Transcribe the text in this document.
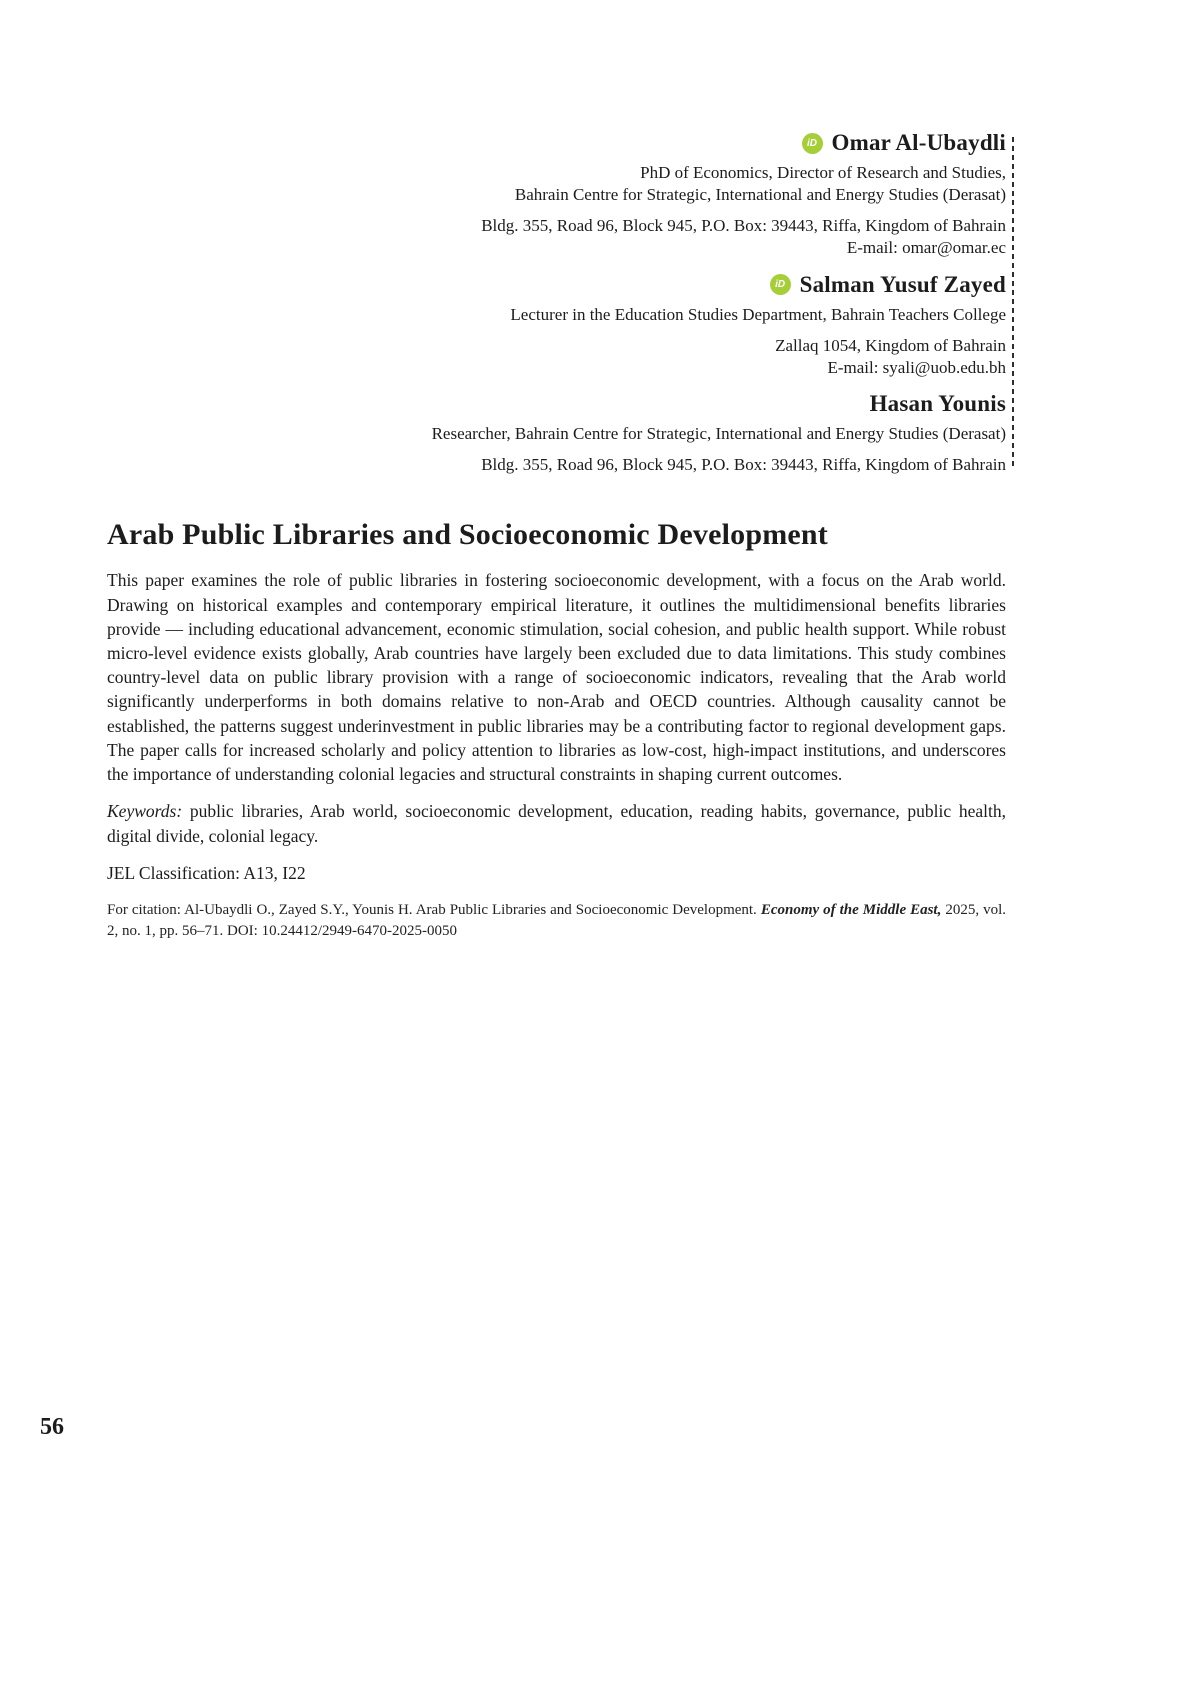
iD Omar Al-Ubaydli
PhD of Economics, Director of Research and Studies,
Bahrain Centre for Strategic, International and Energy Studies (Derasat)
Bldg. 355, Road 96, Block 945, P.O. Box: 39443, Riffa, Kingdom of Bahrain
E-mail: omar@omar.ec
iD Salman Yusuf Zayed
Lecturer in the Education Studies Department, Bahrain Teachers College
Zallaq 1054, Kingdom of Bahrain
E-mail: syali@uob.edu.bh
Hasan Younis
Researcher, Bahrain Centre for Strategic, International and Energy Studies (Derasat)
Bldg. 355, Road 96, Block 945, P.O. Box: 39443, Riffa, Kingdom of Bahrain
Arab Public Libraries and Socioeconomic Development

This paper examines the role of public libraries in fostering socioeconomic development, with a focus on the Arab world. Drawing on historical examples and contemporary empirical literature, it outlines the multidimensional benefits libraries provide — including educational advancement, economic stimulation, social cohesion, and public health support. While robust micro-level evidence exists globally, Arab countries have largely been excluded due to data limitations. This study combines country-level data on public library provision with a range of socioeconomic indicators, revealing that the Arab world significantly underperforms in both domains relative to non-Arab and OECD countries. Although causality cannot be established, the patterns suggest underinvestment in public libraries may be a contributing factor to regional development gaps. The paper calls for increased scholarly and policy attention to libraries as low-cost, high-impact institutions, and underscores the importance of understanding colonial legacies and structural constraints in shaping current outcomes.

Keywords: public libraries, Arab world, socioeconomic development, education, reading habits, governance, public health, digital divide, colonial legacy.

JEL Classification: A13, I22

For citation: Al-Ubaydli O., Zayed S.Y., Younis H. Arab Public Libraries and Socioeconomic Development. Economy of the Middle East, 2025, vol. 2, no. 1, pp. 56–71. DOI: 10.24412/2949-6470-2025-0050

56
